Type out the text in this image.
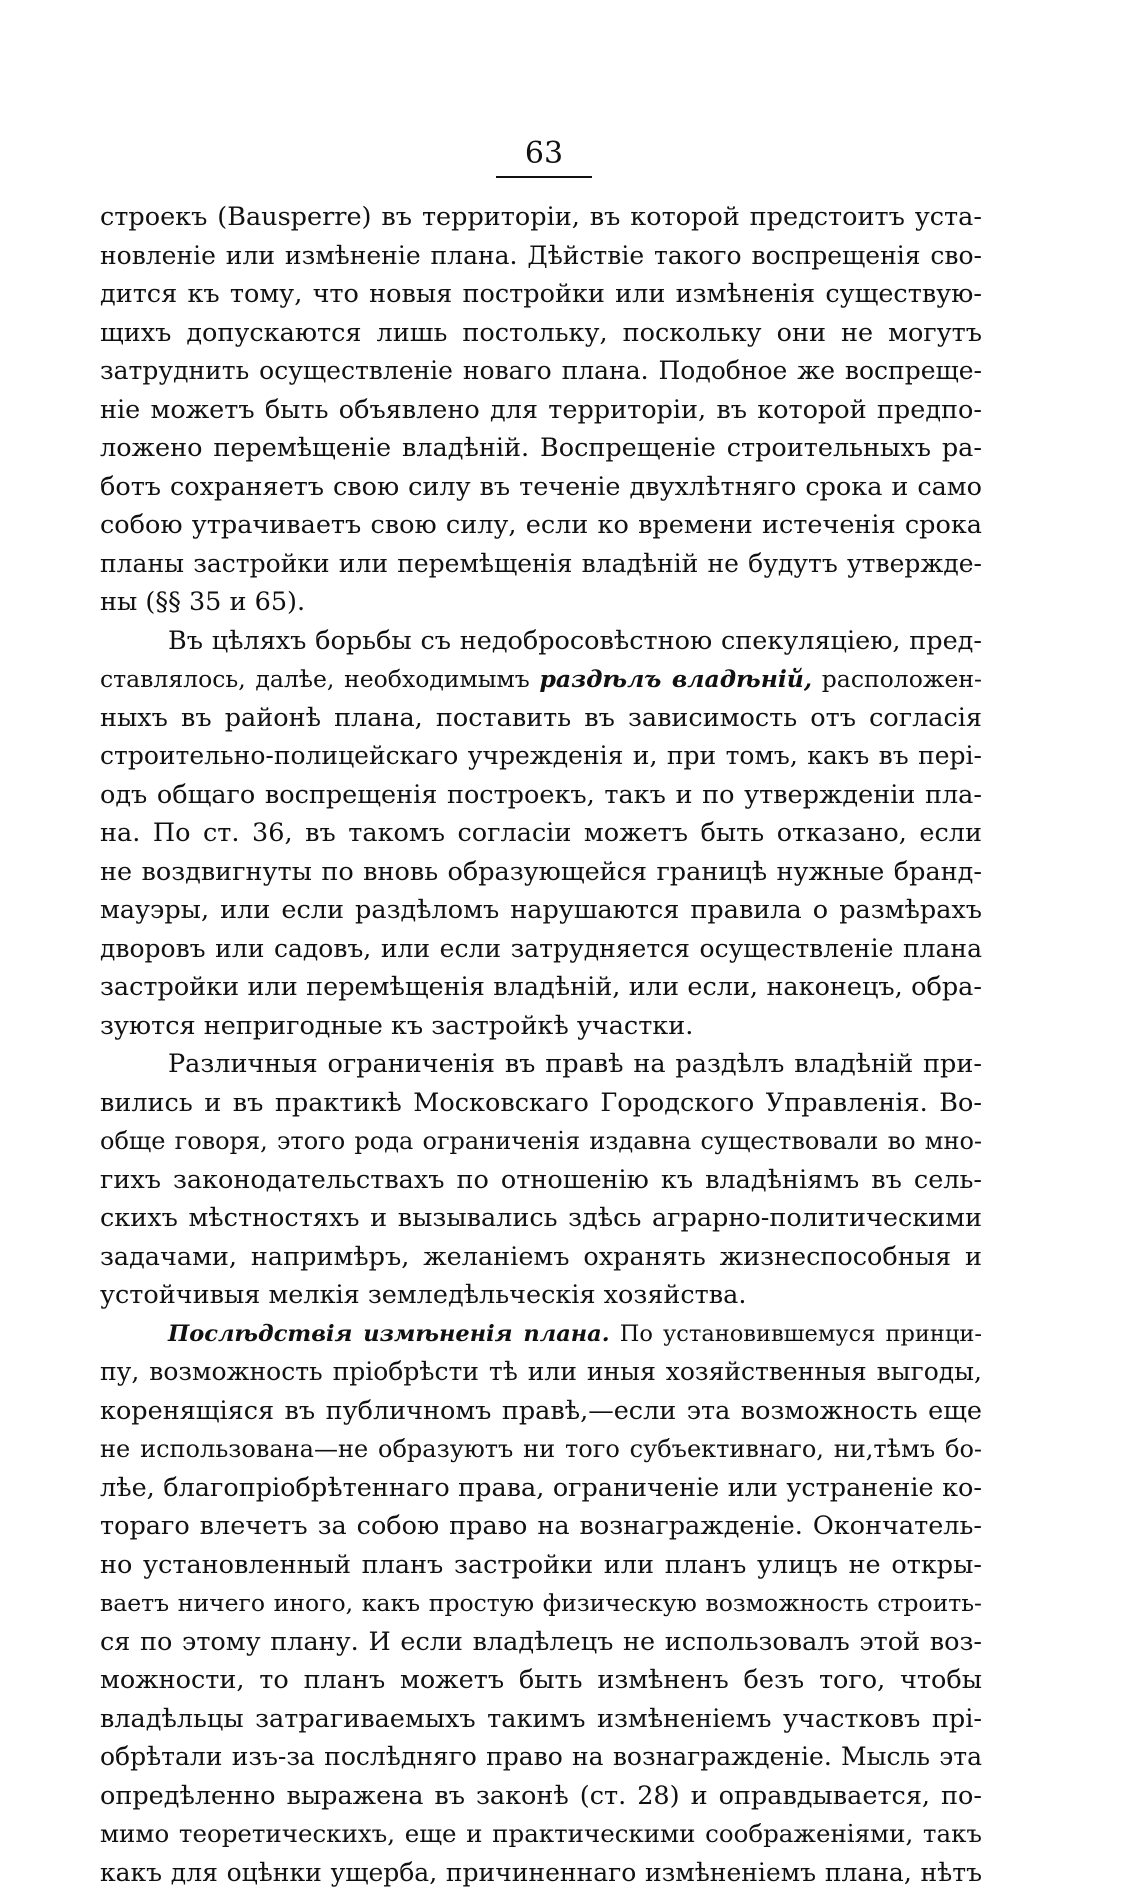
63
строекъ (Bausperre) въ территоріи, въ которой предстоитъ уста-
новленіе или измѣненіе плана. Дѣйствіе такого воспрещенія сво-
дится къ тому, что новыя постройки или измѣненія существую-
щихъ допускаются лишь постольку, поскольку они не могутъ
затруднить осуществленіе новаго плана. Подобное же воспреще-
ніе можетъ быть объявлено для территоріи, въ которой предпо-
ложено перемѣщеніе владѣній. Воспрещеніе строительныхъ ра-
ботъ сохраняетъ свою силу въ теченіе двухлѣтняго срока и само
собою утрачиваетъ свою силу, если ко времени истеченія срока
планы застройки или перемѣщенія владѣній не будутъ утвержде-
ны (§§ 35 и 65).
Въ цѣляхъ борьбы съ недобросовѣстною спекуляціею, пред-
ставлялось, далѣе, необходимымъ раздѣлъ владѣній, расположен-
ныхъ въ районѣ плана, поставить въ зависимость отъ согласія
строительно-полицейскаго учрежденія и, при томъ, какъ въ пері-
одъ общаго воспрещенія построекъ, такъ и по утвержденіи пла-
на. По ст. 36, въ такомъ согласіи можетъ быть отказано, если
не воздвигнуты по вновь образующейся границѣ нужные бранд-
мауэры, или если раздѣломъ нарушаются правила о размѣрахъ
дворовъ или садовъ, или если затрудняется осуществленіе плана
застройки или перемѣщенія владѣній, или если, наконецъ, обра-
зуются непригодные къ застройкѣ участки.
Различныя ограниченія въ правѣ на раздѣлъ владѣній при-
вились и въ практикѣ Московскаго Городского Управленія. Во-
обще говоря, этого рода ограниченія издавна существовали во мно-
гихъ законодательствахъ по отношенію къ владѣніямъ въ сель-
скихъ мѣстностяхъ и вызывались здѣсь аграрно-политическими
задачами, напримѣръ, желаніемъ охранять жизнеспособныя и
устойчивыя мелкія земледѣльческія хозяйства.
Послѣдствія измѣненія плана. По установившемуся принци-
пу, возможность пріобрѣсти тѣ или иныя хозяйственныя выгоды,
коренящіяся въ публичномъ правѣ,—если эта возможность еще
не использована—не образуютъ ни того субъективнаго, ни,тѣмъ бо-
лѣе, благопріобрѣтеннаго права, ограниченіе или устраненіе ко-
тораго влечетъ за собою право на вознагражденіе. Окончатель-
но установленный планъ застройки или планъ улицъ не откры-
ваетъ ничего иного, какъ простую физическую возможность строить-
ся по этому плану. И если владѣлецъ не использовалъ этой воз-
можности, то планъ можетъ быть измѣненъ безъ того, чтобы
владѣльцы затрагиваемыхъ такимъ измѣненіемъ участковъ прі-
обрѣтали изъ-за послѣдняго право на вознагражденіе. Мысль эта
опредѣленно выражена въ законѣ (ст. 28) и оправдывается, по-
мимо теоретическихъ, еще и практическими соображеніями, такъ
какъ для оцѣнки ущерба, причиненнаго измѣненіемъ плана, нѣтъ
